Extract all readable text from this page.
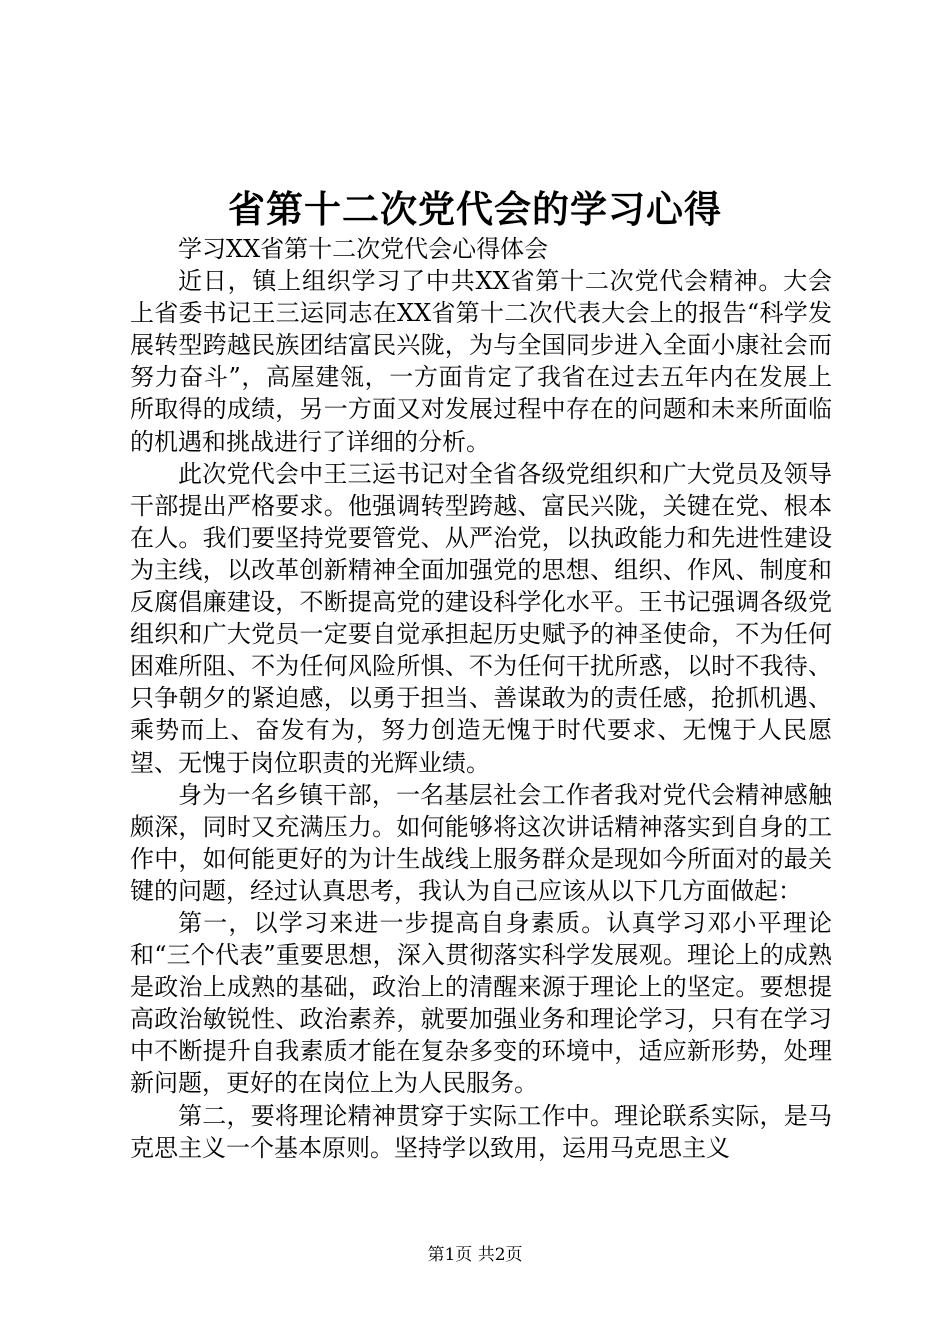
省第十二次党代会的学习心得

学习XX省第十二次党代会心得体会

近日，镇上组织学习了中共XX省第十二次党代会精神。大会上省委书记王三运同志在XX省第十二次代表大会上的报告“科学发展转型跨越民族团结富民兴陇，为与全国同步进入全面小康社会而努力奋斗”，高屋建瓴，一方面肯定了我省在过去五年内在发展上所取得的成绩，另一方面又对发展过程中存在的问题和未来所面临的机遇和挑战进行了详细的分析。

此次党代会中王三运书记对全省各级党组织和广大党员及领导干部提出严格要求。他强调转型跨越、富民兴陇，关键在党、根本在人。我们要坚持党要管党、从严治党，以执政能力和先进性建设为主线，以改革创新精神全面加强党的思想、组织、作风、制度和反腐倡廉建设，不断提高党的建设科学化水平。王书记强调各级党组织和广大党员一定要自觉承担起历史赋予的神圣使命，不为任何困难所阻、不为任何风险所惧、不为任何干扰所惑，以时不我待、只争朝夕的紧迫感，以勇于担当、善谋敢为的责任感，抢抓机遇、乘势而上、奋发有为，努力创造无愧于时代要求、无愧于人民愿望、无愧于岗位职责的光辉业绩。

身为一名乡镇干部，一名基层社会工作者我对党代会精神感触颇深，同时又充满压力。如何能够将这次讲话精神落实到自身的工作中，如何能更好的为计生战线上服务群众是现如今所面对的最关键的问题，经过认真思考，我认为自己应该从以下几方面做起：

第一，以学习来进一步提高自身素质。认真学习邓小平理论和“三个代表”重要思想，深入贯彻落实科学发展观。理论上的成熟是政治上成熟的基础，政治上的清醒来源于理论上的坚定。要想提高政治敏锐性、政治素养，就要加强业务和理论学习，只有在学习中不断提升自我素质才能在复杂多变的环境中，适应新形势，处理新问题，更好的在岗位上为人民服务。

第二，要将理论精神贯穿于实际工作中。理论联系实际，是马克思主义一个基本原则。坚持学以致用，运用马克思主义

第1页 共2页
